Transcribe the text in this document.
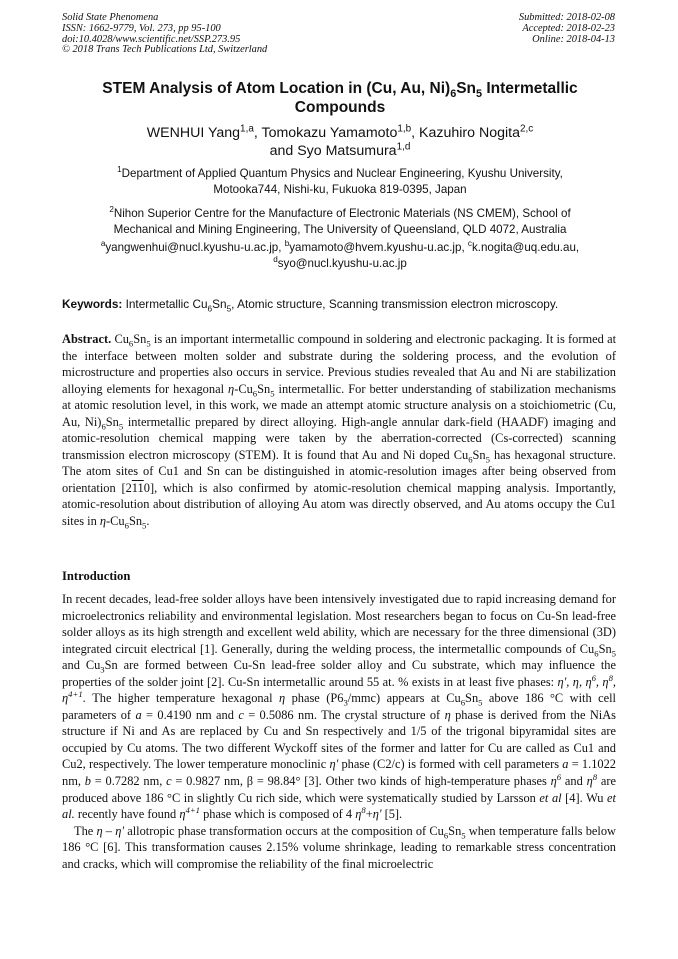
Solid State Phenomena
ISSN: 1662-9779, Vol. 273, pp 95-100
doi:10.4028/www.scientific.net/SSP.273.95
© 2018 Trans Tech Publications Ltd, Switzerland
Submitted: 2018-02-08
Accepted: 2018-02-23
Online: 2018-04-13
STEM Analysis of Atom Location in (Cu, Au, $Ni)_6Sn_5$ Intermetallic
Compounds
WENHUI Yang$^{1,a}$, Tomokazu Yamamoto$^{1,b}$, Kazuhiro Nogita$^{2,c}$
and Syo Matsumura$^{1,d}$
$^1$Department of Applied Quantum Physics and Nuclear Engineering, Kyushu University,
Motooka744, Nishi-ku, Fukuoka 819-0395, Japan
$^2$Nihon Superior Centre for the Manufacture of Electronic Materials (NS CMEM), School of
Mechanical and Mining Engineering, The University of Queensland, QLD 4072, Australia
$^a$yangwenhui@nucl.kyushu-u.ac.jp, $^b$yamamoto@hvem.kyushu-u.ac.jp, $^c$k.nogita@uq.edu.au,
$^d$syo@nucl.kyushu-u.ac.jp
Keywords: Intermetallic $Cu_6Sn_5$, Atomic structure, Scanning transmission electron microscopy.

Abstract. $Cu_6Sn_5$ is an important intermetallic compound in soldering and electronic packaging. It is formed at the interface between molten solder and substrate during the soldering process, and the evolution of microstructure and properties also occurs in service. Previous studies revealed that Au and Ni are stabilization alloying elements for hexagonal $\eta-Cu_6Sn_5$ intermetallic. For better understanding of stabilization mechanisms at atomic resolution level, in this work, we made an attempt atomic structure analysis on a stoichiometric (Cu, Au, $Ni)_6Sn_5$ intermetallic prepared by direct alloying. High-angle annular dark-field (HAADF) imaging and atomic-resolution chemical mapping were taken by the aberration-corrected (Cs-corrected) scanning transmission electron microscopy (STEM). It is found that Au and Ni doped $Cu_6Sn_5$ has hexagonal structure. The atom sites of Cu1 and Sn can be distinguished in atomic-resolution images after being observed from orientation [2110], which is also confirmed by atomic-resolution chemical mapping analysis. Importantly, atomic-resolution about distribution of alloying Au atom was directly observed, and Au atoms occupy the Cu1 sites in $\eta-Cu_6Sn_5$.

Introduction

In recent decades, lead-free solder alloys have been intensively investigated due to rapid increasing demand for microelectronics reliability and environmental legislation. Most researchers began to focus on Cu-Sn lead-free solder alloys as its high strength and excellent weld ability, which are necessary for the three dimensional (3D) integrated circuit electrical [1]. Generally, during the welding process, the intermetallic compounds of $Cu_6Sn_5$ and $Cu_3Sn$ are formed between Cu-Sn lead-free solder alloy and Cu substrate, which may influence the properties of the solder joint [2]. Cu-Sn intermetallic around 55 at. % exists in at least five phases: η', η, $\eta^6$, $\eta^8$, $\eta^{4+1}$. The higher temperature hexagonal η phase $(P6_3/mmc)$ appears at $Cu_6Sn_5$ above 186 °C with cell parameters of a = 0.4190 nm and c = 0.5086 nm. The crystal structure of η phase is derived from the NiAs structure if Ni and As are replaced by Cu and Sn respectively and 1/5 of the trigonal bipyramidal sites are occupied by Cu atoms. The two different Wyckoff sites of the former and latter for Cu are called as Cu1 and Cu2, respectively. The lower temperature monoclinic η' phase (C2/c) is formed with cell parameters a = 1.1022 nm, b = 0.7282 nm, c = 0.9827 nm, β = 98.84° [3]. Other two kinds of high-temperature phases $\eta^6$ and $\eta^8$ are produced above 186 °C in slightly Cu rich side, which were systematically studied by Larsson et al [4]. Wu et al. recently have found $\eta^{4+1}$ phase which is composed of 4 $\eta^8+\eta'$ [5].

The η – η' allotropic phase transformation occurs at the composition of $Cu_6Sn_5$ when temperature falls below 186 °C [6]. This transformation causes 2.15% volume shrinkage, leading to remarkable stress concentration and cracks, which will compromise the reliability of the final microelectric
